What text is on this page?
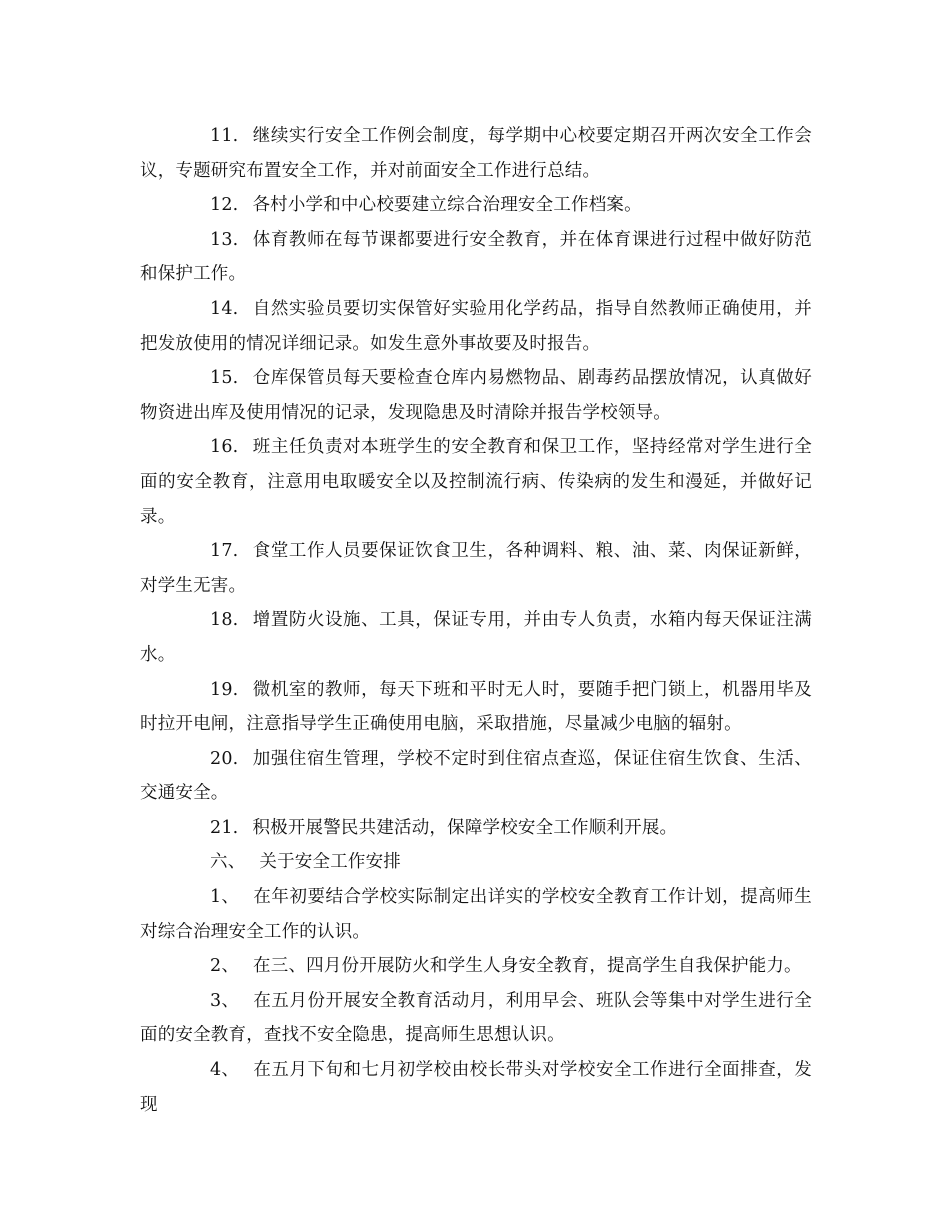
11. 继续实行安全工作例会制度，每学期中心校要定期召开两次安全工作会议，专题研究布置安全工作，并对前面安全工作进行总结。

12. 各村小学和中心校要建立综合治理安全工作档案。

13. 体育教师在每节课都要进行安全教育，并在体育课进行过程中做好防范和保护工作。

14. 自然实验员要切实保管好实验用化学药品，指导自然教师正确使用，并把发放使用的情况详细记录。如发生意外事故要及时报告。

15. 仓库保管员每天要检查仓库内易燃物品、剧毒药品摆放情况，认真做好物资进出库及使用情况的记录，发现隐患及时清除并报告学校领导。

16. 班主任负责对本班学生的安全教育和保卫工作，坚持经常对学生进行全面的安全教育，注意用电取暖安全以及控制流行病、传染病的发生和漫延，并做好记录。

17. 食堂工作人员要保证饮食卫生，各种调料、粮、油、菜、肉保证新鲜，对学生无害。

18. 增置防火设施、工具，保证专用，并由专人负责，水箱内每天保证注满水。

19. 微机室的教师，每天下班和平时无人时，要随手把门锁上，机器用毕及时拉开电闸，注意指导学生正确使用电脑，采取措施，尽量减少电脑的辐射。

20. 加强住宿生管理，学校不定时到住宿点查巡，保证住宿生饮食、生活、交通安全。

21. 积极开展警民共建活动，保障学校安全工作顺利开展。

六、 关于安全工作安排

1、 在年初要结合学校实际制定出详实的学校安全教育工作计划，提高师生对综合治理安全工作的认识。

2、 在三、四月份开展防火和学生人身安全教育，提高学生自我保护能力。

3、 在五月份开展安全教育活动月，利用早会、班队会等集中对学生进行全面的安全教育，查找不安全隐患，提高师生思想认识。

4、 在五月下旬和七月初学校由校长带头对学校安全工作进行全面排查，发现
